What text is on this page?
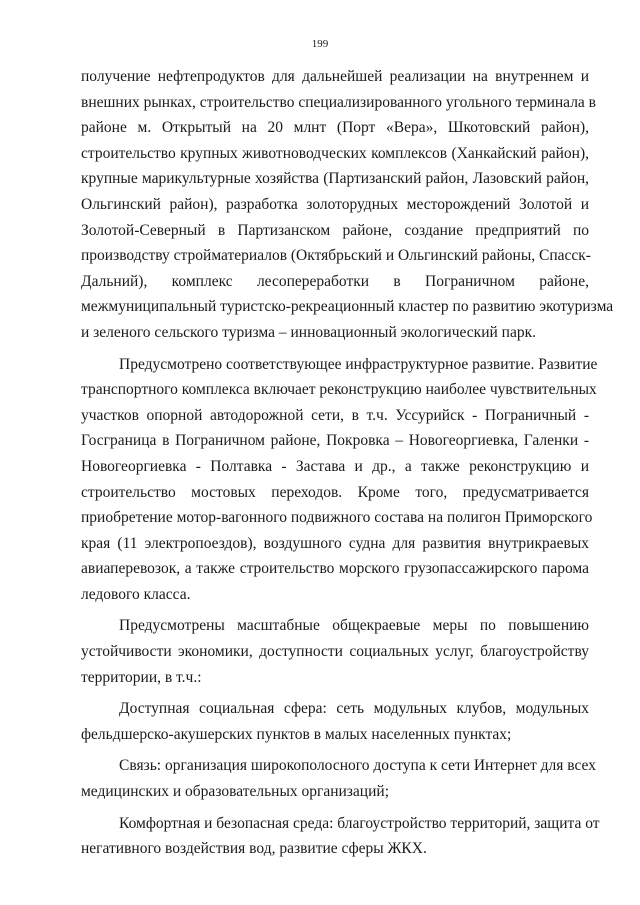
199
получение нефтепродуктов для дальнейшей реализации на внутреннем и
внешних рынках, строительство специализированного угольного терминала в
районе м. Открытый на 20 млнт (Порт «Вера», Шкотовский район),
строительство крупных животноводческих комплексов (Ханкайский район),
крупные марикультурные хозяйства (Партизанский район, Лазовский район,
Ольгинский район), разработка золоторудных месторождений Золотой и
Золотой-Северный в Партизанском районе, создание предприятий по
производству стройматериалов (Октябрьский и Ольгинский районы, Спасск-
Дальний), комплекс лесопереработки в Пограничном районе,
межмуниципальный туристско-рекреационный кластер по развитию экотуризма
и зеленого сельского туризма – инновационный экологический парк.
Предусмотрено соответствующее инфраструктурное развитие. Развитие
транспортного комплекса включает реконструкцию наиболее чувствительных
участков опорной автодорожной сети, в т.ч. Уссурийск - Пограничный -
Госграница в Пограничном районе, Покровка – Новогеоргиевка, Галенки -
Новогеоргиевка - Полтавка - Застава и др., а также реконструкцию и
строительство мостовых переходов. Кроме того, предусматривается
приобретение мотор-вагонного подвижного состава на полигон Приморского
края (11 электропоездов), воздушного судна для развития внутрикраевых
авиаперевозок, а также строительство морского грузопассажирского парома
ледового класса.
Предусмотрены масштабные общекраевые меры по повышению
устойчивости экономики, доступности социальных услуг, благоустройству
территории, в т.ч.:
Доступная социальная сфера: сеть модульных клубов, модульных
фельдшерско-акушерских пунктов в малых населенных пунктах;
Связь: организация широкополосного доступа к сети Интернет для всех
медицинских и образовательных организаций;
Комфортная и безопасная среда: благоустройство территорий, защита от
негативного воздействия вод, развитие сферы ЖКХ.
